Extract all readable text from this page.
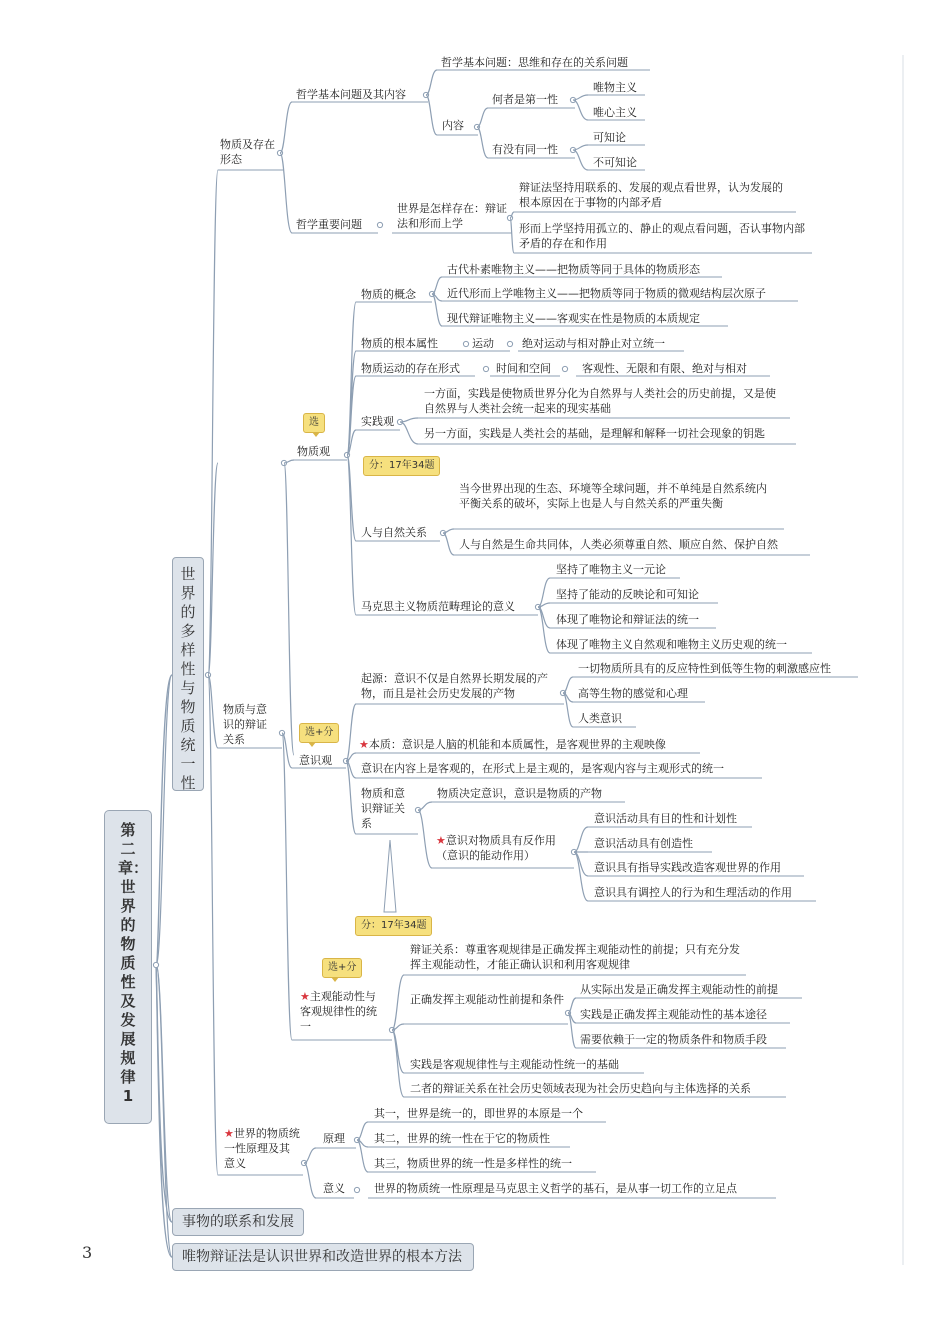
第二章：世界的物质性及发展规律1
世界的多样性与物质统一性
事物的联系和发展
唯物辩证法是认识世界和改造世界的根本方法
3
物质及存在形态
哲学基本问题及其内容
哲学基本问题：思维和存在的关系问题
内容
何者是第一性
唯物主义
唯心主义
有没有同一性
可知论
不可知论
哲学重要问题
世界是怎样存在：辩证法和形而上学
辩证法坚持用联系的、发展的观点看世界，认为发展的根本原因在于事物的内部矛盾
形而上学坚持用孤立的、静止的观点看问题，否认事物内部矛盾的存在和作用
选
物质观
分：17年34题
物质的概念
古代朴素唯物主义——把物质等同于具体的物质形态
近代形而上学唯物主义——把物质等同于物质的微观结构层次原子
现代辩证唯物主义——客观实在性是物质的本质规定
物质的根本属性	运动	绝对运动与相对静止对立统一
物质运动的存在形式	时间和空间	客观性、无限和有限、绝对与相对
实践观
一方面，实践是使物质世界分化为自然界与人类社会的历史前提，又是使自然界与人类社会统一起来的现实基础
另一方面，实践是人类社会的基础，是理解和解释一切社会现象的钥匙
人与自然关系
当今世界出现的生态、环境等全球问题，并不单纯是自然系统内平衡关系的破坏，实际上也是人与自然关系的严重失衡
人与自然是生命共同体，人类必须尊重自然、顺应自然、保护自然
马克思主义物质范畴理论的意义
坚持了唯物主义一元论
坚持了能动的反映论和可知论
体现了唯物论和辩证法的统一
体现了唯物主义自然观和唯物主义历史观的统一
物质与意识的辩证关系
选+分
意识观
起源：意识不仅是自然界长期发展的产物，而且是社会历史发展的产物
一切物质所具有的反应特性到低等生物的刺激感应性
高等生物的感觉和心理
人类意识
★本质：意识是人脑的机能和本质属性，是客观世界的主观映像
意识在内容上是客观的，在形式上是主观的，是客观内容与主观形式的统一
物质和意识辩证关系
物质决定意识，意识是物质的产物
★意识对物质具有反作用（意识的能动作用）
意识活动具有目的性和计划性
意识活动具有创造性
意识具有指导实践改造客观世界的作用
意识具有调控人的行为和生理活动的作用
分：17年34题
选+分
★主观能动性与客观规律性的统一
辩证关系：尊重客观规律是正确发挥主观能动性的前提；只有充分发挥主观能动性，才能正确认识和利用客观规律
正确发挥主观能动性前提和条件
从实际出发是正确发挥主观能动性的前提
实践是正确发挥主观能动性的基本途径
需要依赖于一定的物质条件和物质手段
实践是客观规律性与主观能动性统一的基础
二者的辩证关系在社会历史领域表现为社会历史趋向与主体选择的关系
★世界的物质统一性原理及其意义
原理
其一，世界是统一的，即世界的本原是一个
其二，世界的统一性在于它的物质性
其三，物质世界的统一性是多样性的统一
意义	世界的物质统一性原理是马克思主义哲学的基石，是从事一切工作的立足点
